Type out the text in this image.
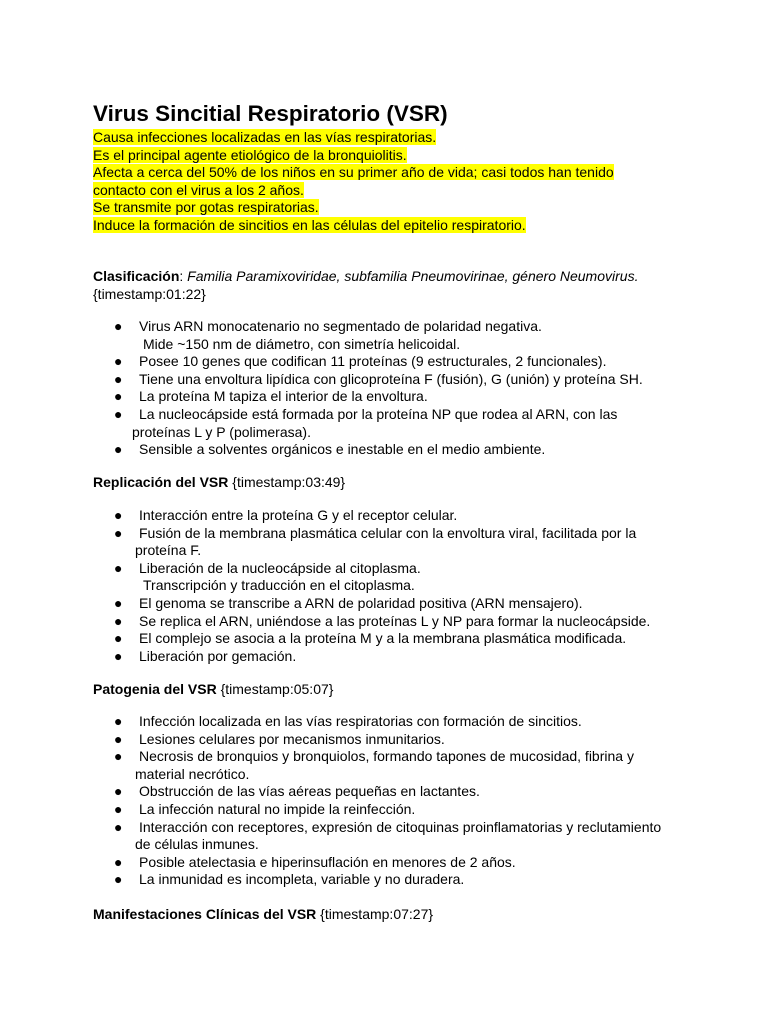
Virus Sincitial Respiratorio (VSR)
Causa infecciones localizadas en las vías respiratorias.
Es el principal agente etiológico de la bronquiolitis.
Afecta a cerca del 50% de los niños en su primer año de vida; casi todos han tenido
contacto con el virus a los 2 años.
Se transmite por gotas respiratorias.
Induce la formación de sincitios en las células del epitelio respiratorio.
Clasificación: Familia Paramixoviridae, subfamilia Pneumovirinae, género Neumovirus.
{timestamp:01:22}
● Virus ARN monocatenario no segmentado de polaridad negativa.
Mide ~150 nm de diámetro, con simetría helicoidal.
● Posee 10 genes que codifican 11 proteínas (9 estructurales, 2 funcionales).
● Tiene una envoltura lipídica con glicoproteína F (fusión), G (unión) y proteína SH.
● La proteína M tapiza el interior de la envoltura.
● La nucleocápside está formada por la proteína NP que rodea al ARN, con las
proteínas L y P (polimerasa).
● Sensible a solventes orgánicos e inestable en el medio ambiente.
Replicación del VSR {timestamp:03:49}
● Interacción entre la proteína G y el receptor celular.
● Fusión de la membrana plasmática celular con la envoltura viral, facilitada por la
proteína F.
● Liberación de la nucleocápside al citoplasma.
Transcripción y traducción en el citoplasma.
● El genoma se transcribe a ARN de polaridad positiva (ARN mensajero).
● Se replica el ARN, uniéndose a las proteínas L y NP para formar la nucleocápside.
● El complejo se asocia a la proteína M y a la membrana plasmática modificada.
● Liberación por gemación.
Patogenia del VSR {timestamp:05:07}
● Infección localizada en las vías respiratorias con formación de sincitios.
● Lesiones celulares por mecanismos inmunitarios.
● Necrosis de bronquios y bronquiolos, formando tapones de mucosidad, fibrina y
material necrótico.
● Obstrucción de las vías aéreas pequeñas en lactantes.
● La infección natural no impide la reinfección.
● Interacción con receptores, expresión de citoquinas proinflamatorias y reclutamiento
de células inmunes.
● Posible atelectasia e hiperinsuflación en menores de 2 años.
● La inmunidad es incompleta, variable y no duradera.
Manifestaciones Clínicas del VSR {timestamp:07:27}
